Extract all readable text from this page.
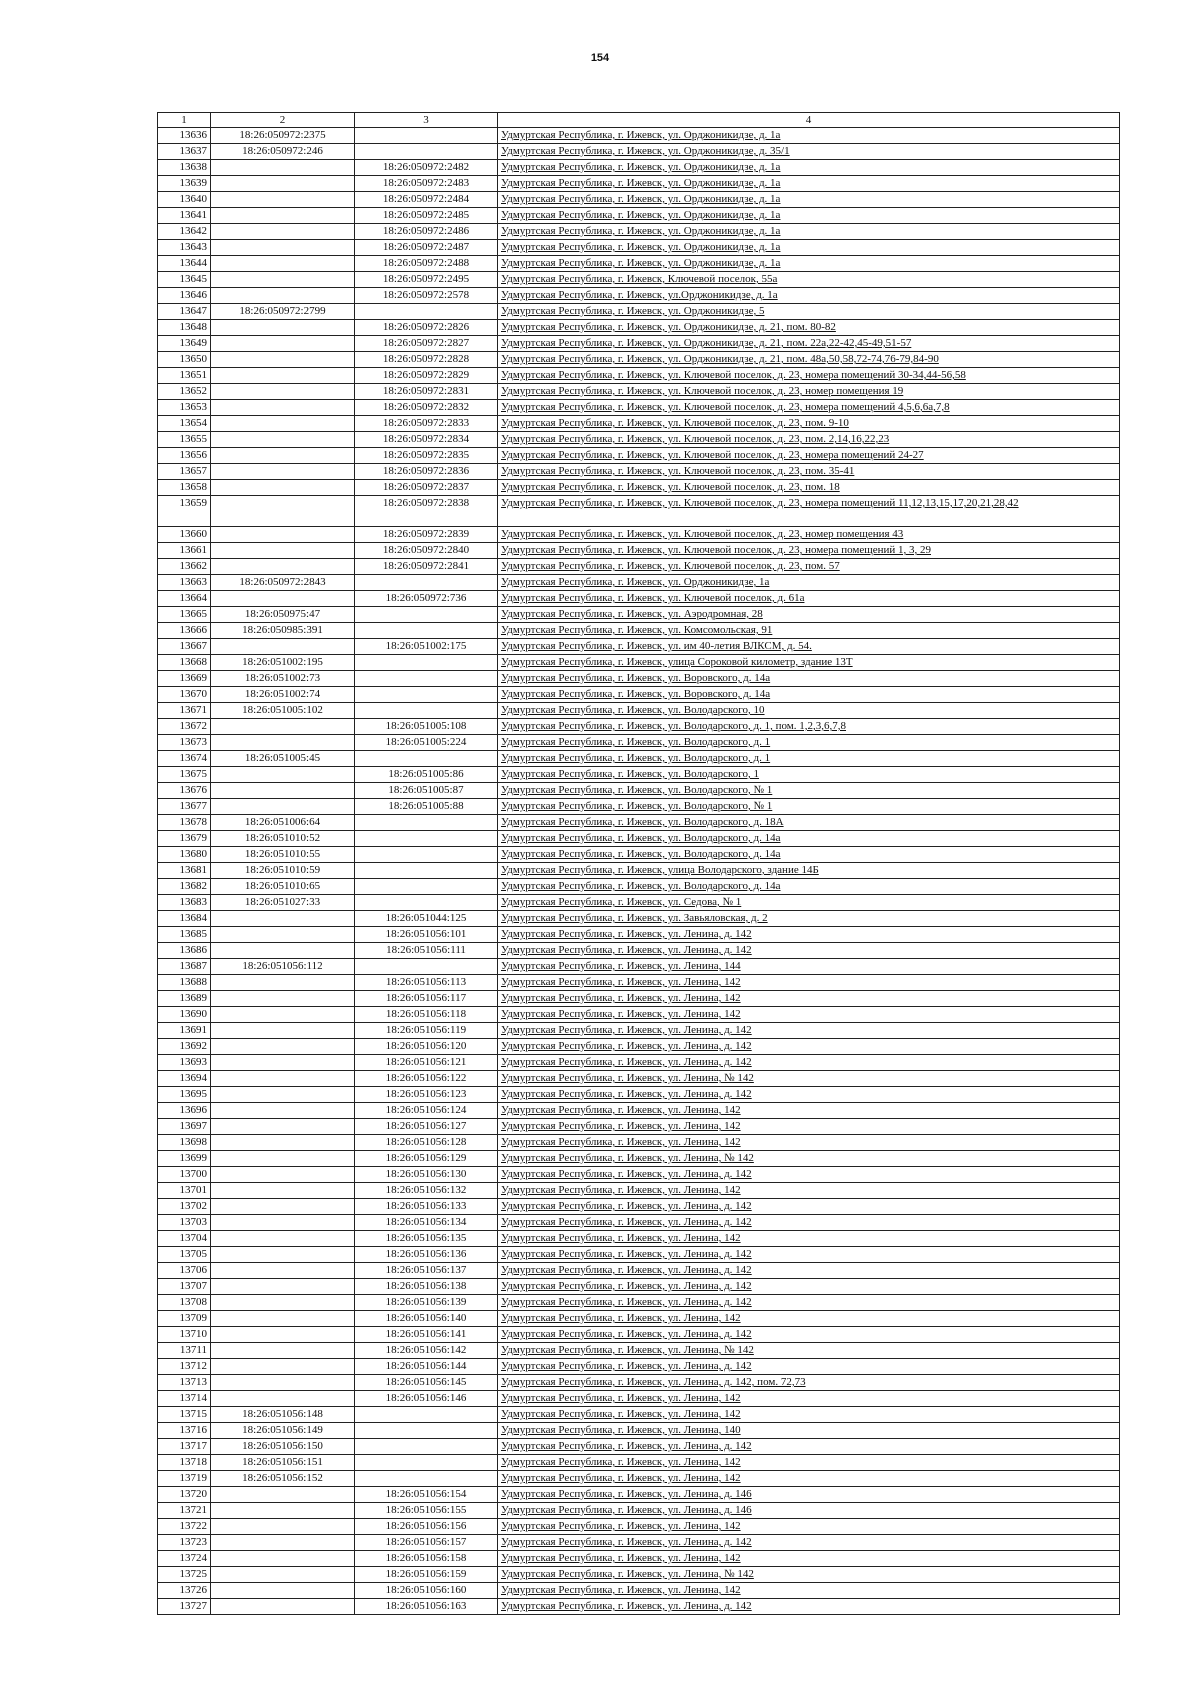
154
1	2	3	4
13636	18:26:050972:2375		Удмуртская Республика, г. Ижевск, ул. Орджоникидзе, д. 1а
13637	18:26:050972:246		Удмуртская Республика, г. Ижевск, ул. Орджоникидзе, д. 35/1
13638		18:26:050972:2482	Удмуртская Республика, г. Ижевск, ул. Орджоникидзе, д. 1а
13639		18:26:050972:2483	Удмуртская Республика, г. Ижевск, ул. Орджоникидзе, д. 1а
13640		18:26:050972:2484	Удмуртская Республика, г. Ижевск, ул. Орджоникидзе, д. 1а
13641		18:26:050972:2485	Удмуртская Республика, г. Ижевск, ул. Орджоникидзе, д. 1а
13642		18:26:050972:2486	Удмуртская Республика, г. Ижевск, ул. Орджоникидзе, д. 1а
13643		18:26:050972:2487	Удмуртская Республика, г. Ижевск, ул. Орджоникидзе, д. 1а
13644		18:26:050972:2488	Удмуртская Республика, г. Ижевск, ул. Орджоникидзе, д. 1а
13645		18:26:050972:2495	Удмуртская Республика, г. Ижевск, Ключевой поселок, 55а
13646		18:26:050972:2578	Удмуртская Республика, г. Ижевск, ул.Орджоникидзе, д. 1а
13647	18:26:050972:2799		Удмуртская Республика, г. Ижевск, ул. Орджоникидзе, 5
13648		18:26:050972:2826	Удмуртская Республика, г. Ижевск, ул. Орджоникидзе, д. 21, пом. 80-82
13649		18:26:050972:2827	Удмуртская Республика, г. Ижевск, ул. Орджоникидзе, д. 21, пом. 22а,22-42,45-49,51-57
13650		18:26:050972:2828	Удмуртская Республика, г. Ижевск, ул. Орджоникидзе, д. 21, пом. 48а,50,58,72-74,76-79,84-90
13651		18:26:050972:2829	Удмуртская Республика, г. Ижевск, ул. Ключевой поселок, д. 23, номера помещений 30-34,44-56,58
13652		18:26:050972:2831	Удмуртская Республика, г. Ижевск, ул. Ключевой поселок, д. 23, номер помещения 19
13653		18:26:050972:2832	Удмуртская Республика, г. Ижевск, ул. Ключевой поселок, д. 23, номера помещений 4,5,6,6а,7,8
13654		18:26:050972:2833	Удмуртская Республика, г. Ижевск, ул. Ключевой поселок, д. 23, пом. 9-10
13655		18:26:050972:2834	Удмуртская Республика, г. Ижевск, ул. Ключевой поселок, д. 23, пом. 2,14,16,22,23
13656		18:26:050972:2835	Удмуртская Республика, г. Ижевск, ул. Ключевой поселок, д. 23, номера помещений 24-27
13657		18:26:050972:2836	Удмуртская Республика, г. Ижевск, ул. Ключевой поселок, д. 23, пом. 35-41
13658		18:26:050972:2837	Удмуртская Республика, г. Ижевск, ул. Ключевой поселок, д. 23, пом. 18
13659		18:26:050972:2838	Удмуртская Республика, г. Ижевск, ул. Ключевой поселок, д. 23, номера помещений 11,12,13,15,17,20,21,28,42
13660		18:26:050972:2839	Удмуртская Республика, г. Ижевск, ул. Ключевой поселок, д. 23, номер помещения 43
13661		18:26:050972:2840	Удмуртская Республика, г. Ижевск, ул. Ключевой поселок, д. 23, номера помещений 1, 3, 29
13662		18:26:050972:2841	Удмуртская Республика, г. Ижевск, ул. Ключевой поселок, д. 23, пом. 57
13663	18:26:050972:2843		Удмуртская Республика, г. Ижевск, ул. Орджоникидзе, 1а
13664		18:26:050972:736	Удмуртская Республика, г. Ижевск, ул. Ключевой поселок, д. 61а
13665	18:26:050975:47		Удмуртская Республика, г. Ижевск, ул. Аэродромная, 28
13666	18:26:050985:391		Удмуртская Республика, г. Ижевск, ул. Комсомольская, 91
13667		18:26:051002:175	Удмуртская Республика, г. Ижевск, ул. им 40-летия ВЛКСМ, д. 54.
13668	18:26:051002:195		Удмуртская Республика, г. Ижевск, улица Сороковой километр, здание 13Т
13669	18:26:051002:73		Удмуртская Республика, г. Ижевск, ул. Воровского, д. 14а
13670	18:26:051002:74		Удмуртская Республика, г. Ижевск, ул. Воровского, д. 14а
13671	18:26:051005:102		Удмуртская Республика, г. Ижевск, ул. Володарского, 10
13672		18:26:051005:108	Удмуртская Республика, г. Ижевск, ул. Володарского, д. 1, пом. 1,2,3,6,7,8
13673		18:26:051005:224	Удмуртская Республика, г. Ижевск, ул. Володарского, д. 1
13674	18:26:051005:45		Удмуртская Республика, г. Ижевск, ул. Володарского, д. 1
13675		18:26:051005:86	Удмуртская Республика, г. Ижевск, ул. Володарского, 1
13676		18:26:051005:87	Удмуртская Республика, г. Ижевск, ул. Володарского, № 1
13677		18:26:051005:88	Удмуртская Республика, г. Ижевск, ул. Володарского, № 1
13678	18:26:051006:64		Удмуртская Республика, г. Ижевск, ул. Володарского, д. 18А
13679	18:26:051010:52		Удмуртская Республика, г. Ижевск, ул. Володарского, д. 14а
13680	18:26:051010:55		Удмуртская Республика, г. Ижевск, ул. Володарского, д. 14а
13681	18:26:051010:59		Удмуртская Республика, г. Ижевск, улица Володарского, здание 14Б
13682	18:26:051010:65		Удмуртская Республика, г. Ижевск, ул. Володарского, д. 14а
13683	18:26:051027:33		Удмуртская Республика, г. Ижевск, ул. Седова, № 1
13684		18:26:051044:125	Удмуртская Республика, г. Ижевск, ул. Завьяловская, д. 2
13685		18:26:051056:101	Удмуртская Республика, г. Ижевск, ул. Ленина, д. 142
13686		18:26:051056:111	Удмуртская Республика, г. Ижевск, ул. Ленина, д. 142
13687	18:26:051056:112		Удмуртская Республика, г. Ижевск, ул. Ленина, 144
13688		18:26:051056:113	Удмуртская Республика, г. Ижевск, ул. Ленина, 142
13689		18:26:051056:117	Удмуртская Республика, г. Ижевск, ул. Ленина, 142
13690		18:26:051056:118	Удмуртская Республика, г. Ижевск, ул. Ленина, 142
13691		18:26:051056:119	Удмуртская Республика, г. Ижевск, ул. Ленина, д. 142
13692		18:26:051056:120	Удмуртская Республика, г. Ижевск, ул. Ленина, д. 142
13693		18:26:051056:121	Удмуртская Республика, г. Ижевск, ул. Ленина, д. 142
13694		18:26:051056:122	Удмуртская Республика, г. Ижевск, ул. Ленина, № 142
13695		18:26:051056:123	Удмуртская Республика, г. Ижевск, ул. Ленина, д. 142
13696		18:26:051056:124	Удмуртская Республика, г. Ижевск, ул. Ленина, 142
13697		18:26:051056:127	Удмуртская Республика, г. Ижевск, ул. Ленина, 142
13698		18:26:051056:128	Удмуртская Республика, г. Ижевск, ул. Ленина, 142
13699		18:26:051056:129	Удмуртская Республика, г. Ижевск, ул. Ленина, № 142
13700		18:26:051056:130	Удмуртская Республика, г. Ижевск, ул. Ленина, д. 142
13701		18:26:051056:132	Удмуртская Республика, г. Ижевск, ул. Ленина, 142
13702		18:26:051056:133	Удмуртская Республика, г. Ижевск, ул. Ленина, д. 142
13703		18:26:051056:134	Удмуртская Республика, г. Ижевск, ул. Ленина, д. 142
13704		18:26:051056:135	Удмуртская Республика, г. Ижевск, ул. Ленина, 142
13705		18:26:051056:136	Удмуртская Республика, г. Ижевск, ул. Ленина, д. 142
13706		18:26:051056:137	Удмуртская Республика, г. Ижевск, ул. Ленина, д. 142
13707		18:26:051056:138	Удмуртская Республика, г. Ижевск, ул. Ленина, д. 142
13708		18:26:051056:139	Удмуртская Республика, г. Ижевск, ул. Ленина, д. 142
13709		18:26:051056:140	Удмуртская Республика, г. Ижевск, ул. Ленина, 142
13710		18:26:051056:141	Удмуртская Республика, г. Ижевск, ул. Ленина, д. 142
13711		18:26:051056:142	Удмуртская Республика, г. Ижевск, ул. Ленина, № 142
13712		18:26:051056:144	Удмуртская Республика, г. Ижевск, ул. Ленина, д. 142
13713		18:26:051056:145	Удмуртская Республика, г. Ижевск, ул. Ленина, д. 142, пом. 72,73
13714		18:26:051056:146	Удмуртская Республика, г. Ижевск, ул. Ленина, 142
13715	18:26:051056:148		Удмуртская Республика, г. Ижевск, ул. Ленина, 142
13716	18:26:051056:149		Удмуртская Республика, г. Ижевск, ул. Ленина, 140
13717	18:26:051056:150		Удмуртская Республика, г. Ижевск, ул. Ленина, д. 142
13718	18:26:051056:151		Удмуртская Республика, г. Ижевск, ул. Ленина, 142
13719	18:26:051056:152		Удмуртская Республика, г. Ижевск, ул. Ленина, 142
13720		18:26:051056:154	Удмуртская Республика, г. Ижевск, ул. Ленина, д. 146
13721		18:26:051056:155	Удмуртская Республика, г. Ижевск, ул. Ленина, д. 146
13722		18:26:051056:156	Удмуртская Республика, г. Ижевск, ул. Ленина, 142
13723		18:26:051056:157	Удмуртская Республика, г. Ижевск, ул. Ленина, д. 142
13724		18:26:051056:158	Удмуртская Республика, г. Ижевск, ул. Ленина, 142
13725		18:26:051056:159	Удмуртская Республика, г. Ижевск, ул. Ленина, № 142
13726		18:26:051056:160	Удмуртская Республика, г. Ижевск, ул. Ленина, 142
13727		18:26:051056:163	Удмуртская Республика, г. Ижевск, ул. Ленина, д. 142
